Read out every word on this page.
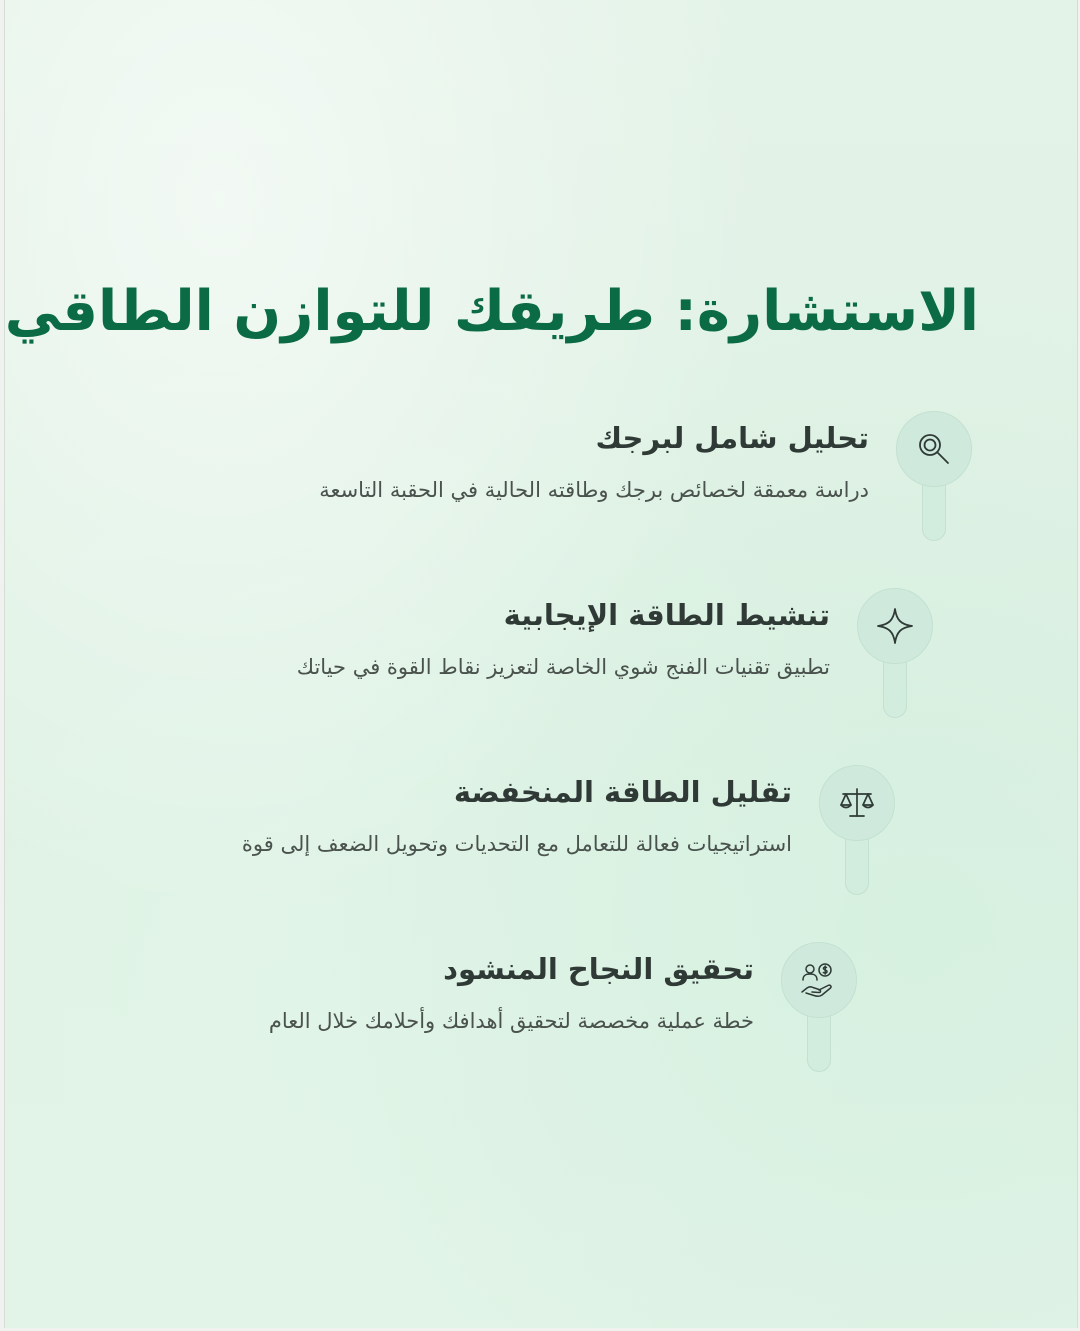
الاستشارة: طريقك للتوازن الطاقي
تحليل شامل لبرجك
دراسة معمقة لخصائص برجك وطاقته الحالية في الحقبة التاسعة
تنشيط الطاقة الإيجابية
تطبيق تقنيات الفنج شوي الخاصة لتعزيز نقاط القوة في حياتك
تقليل الطاقة المنخفضة
استراتيجيات فعالة للتعامل مع التحديات وتحويل الضعف إلى قوة
تحقيق النجاح المنشود
خطة عملية مخصصة لتحقيق أهدافك وأحلامك خلال العام
